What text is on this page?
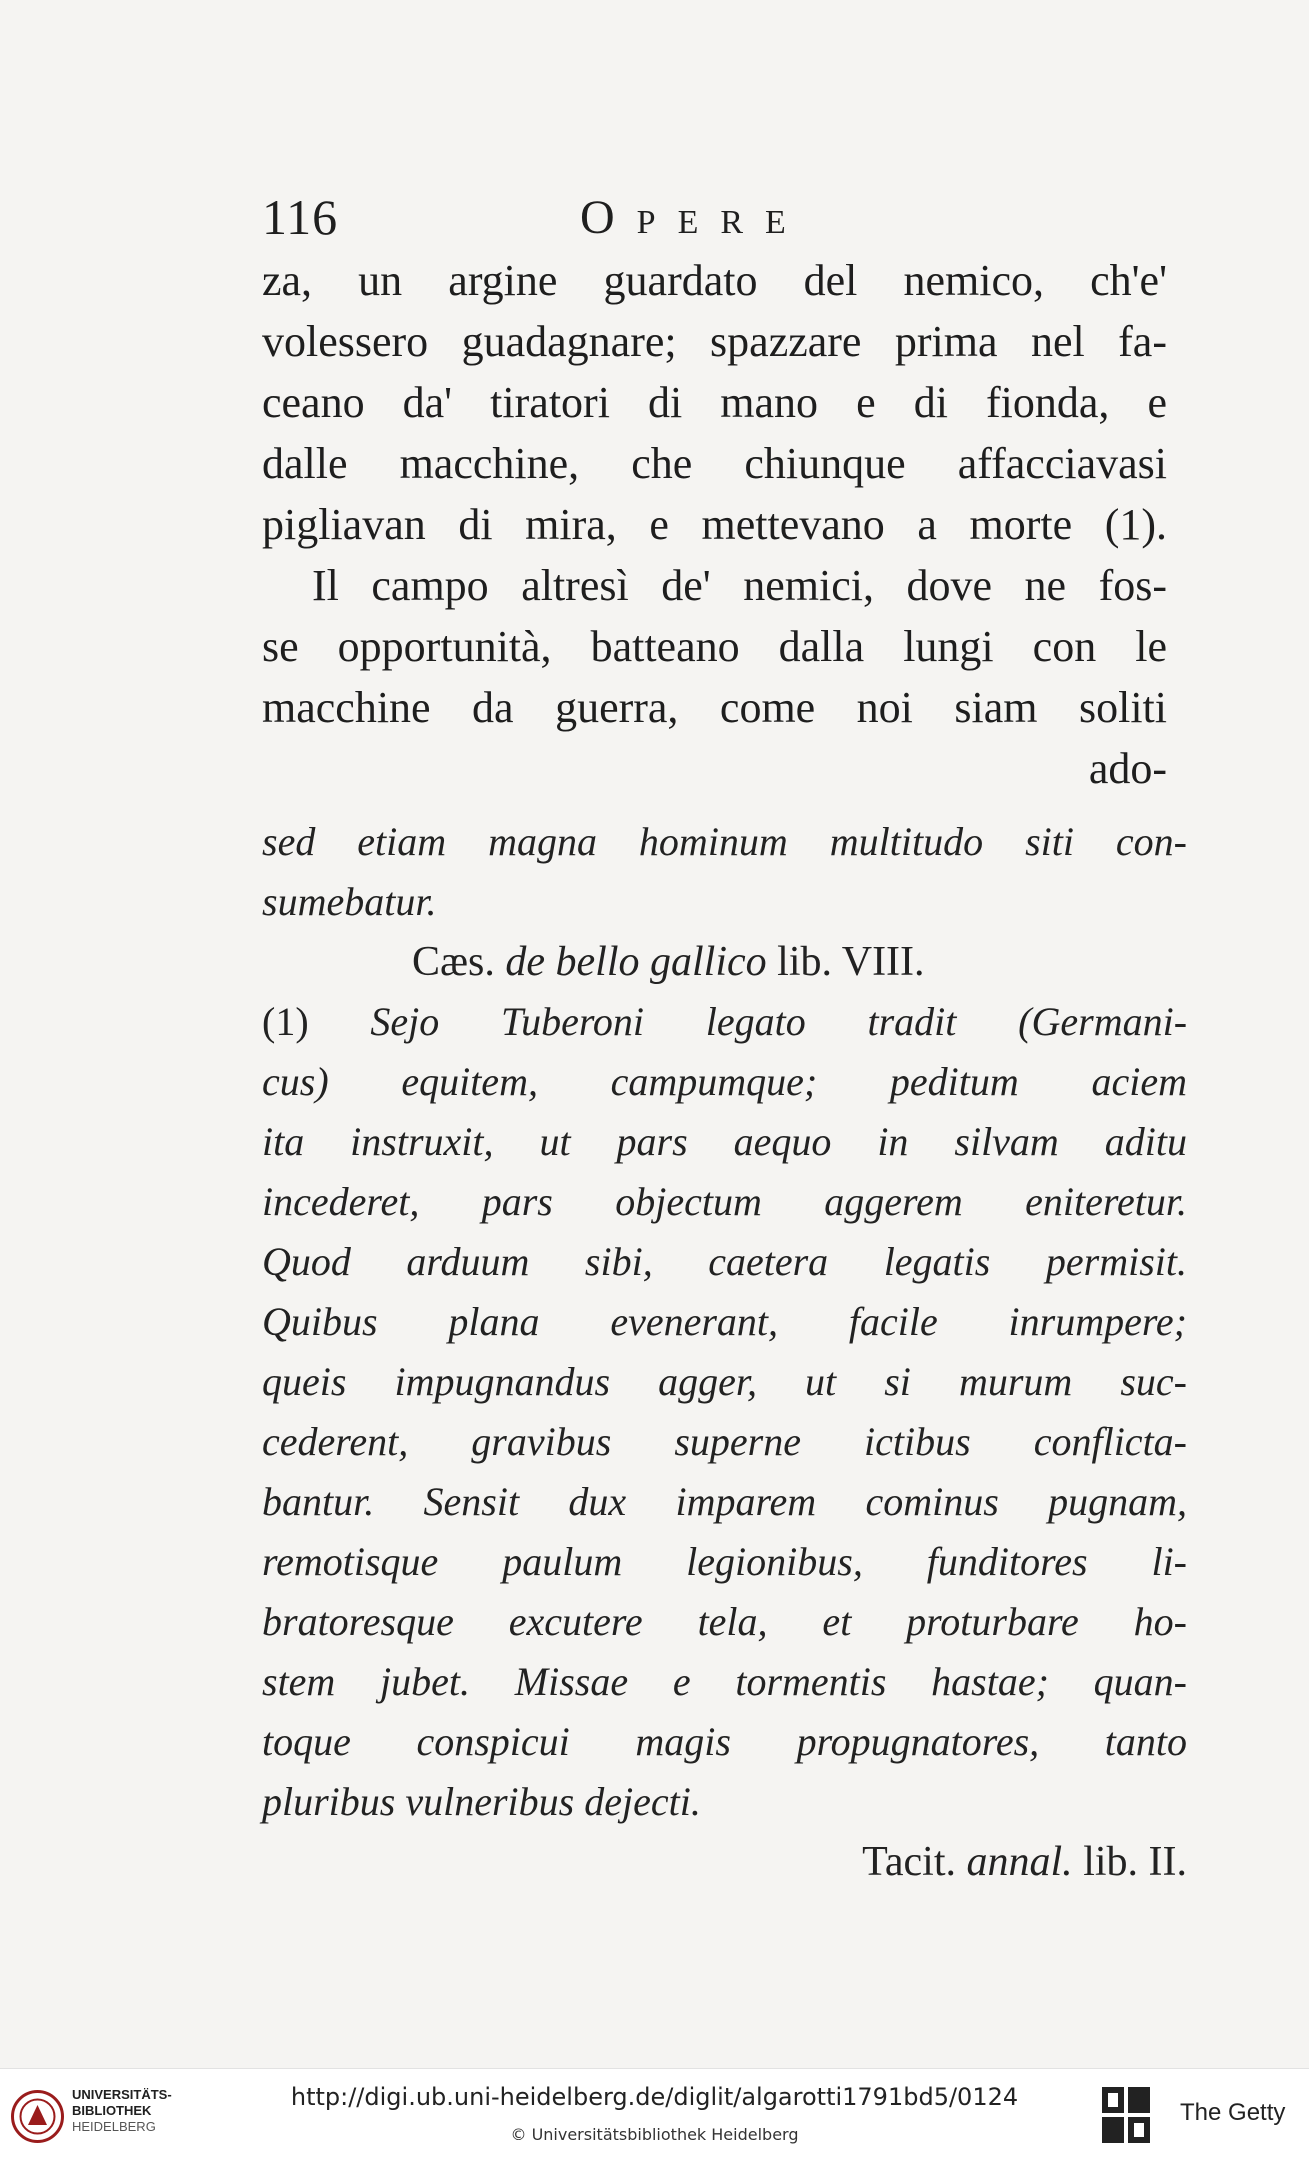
116	Opere
za, un argine guardato del nemico, ch'e'
volessero guadagnare; spazzare prima nel fa-
ceano da' tiratori di mano e di fionda, e
dalle macchine, che chiunque affacciavasi
pigliavan di mira, e mettevano a morte (1).
Il campo altresì de' nemici, dove ne fos-
se opportunità, batteano dalla lungi con le
macchine da guerra, come noi siam soliti
ado-
sed etiam magna hominum multitudo siti con-
sumebatur.
Cæs. de bello gallico lib. VIII.
(1) Sejo Tuberoni legato tradit (Germani-
cus) equitem, campumque; peditum aciem
ita instruxit, ut pars aequo in silvam aditu
incederet, pars objectum aggerem eniteretur.
Quod arduum sibi, caetera legatis permisit.
Quibus plana evenerant, facile inrumpere;
queis impugnandus agger, ut si murum suc-
cederent, gravibus superne ictibus conflicta-
bantur. Sensit dux imparem cominus pugnam,
remotisque paulum legionibus, funditores li-
bratoresque excutere tela, et proturbare ho-
stem jubet. Missae e tormentis hastae; quan-
toque conspicui magis propugnatores, tanto
pluribus vulneribus dejecti.
Tacit. annal. lib. II.
UNIVERSITÄTS-
BIBLIOTHEK
HEIDELBERG
http://digi.ub.uni-heidelberg.de/diglit/algarotti1791bd5/0124
© Universitätsbibliothek Heidelberg
The Getty
